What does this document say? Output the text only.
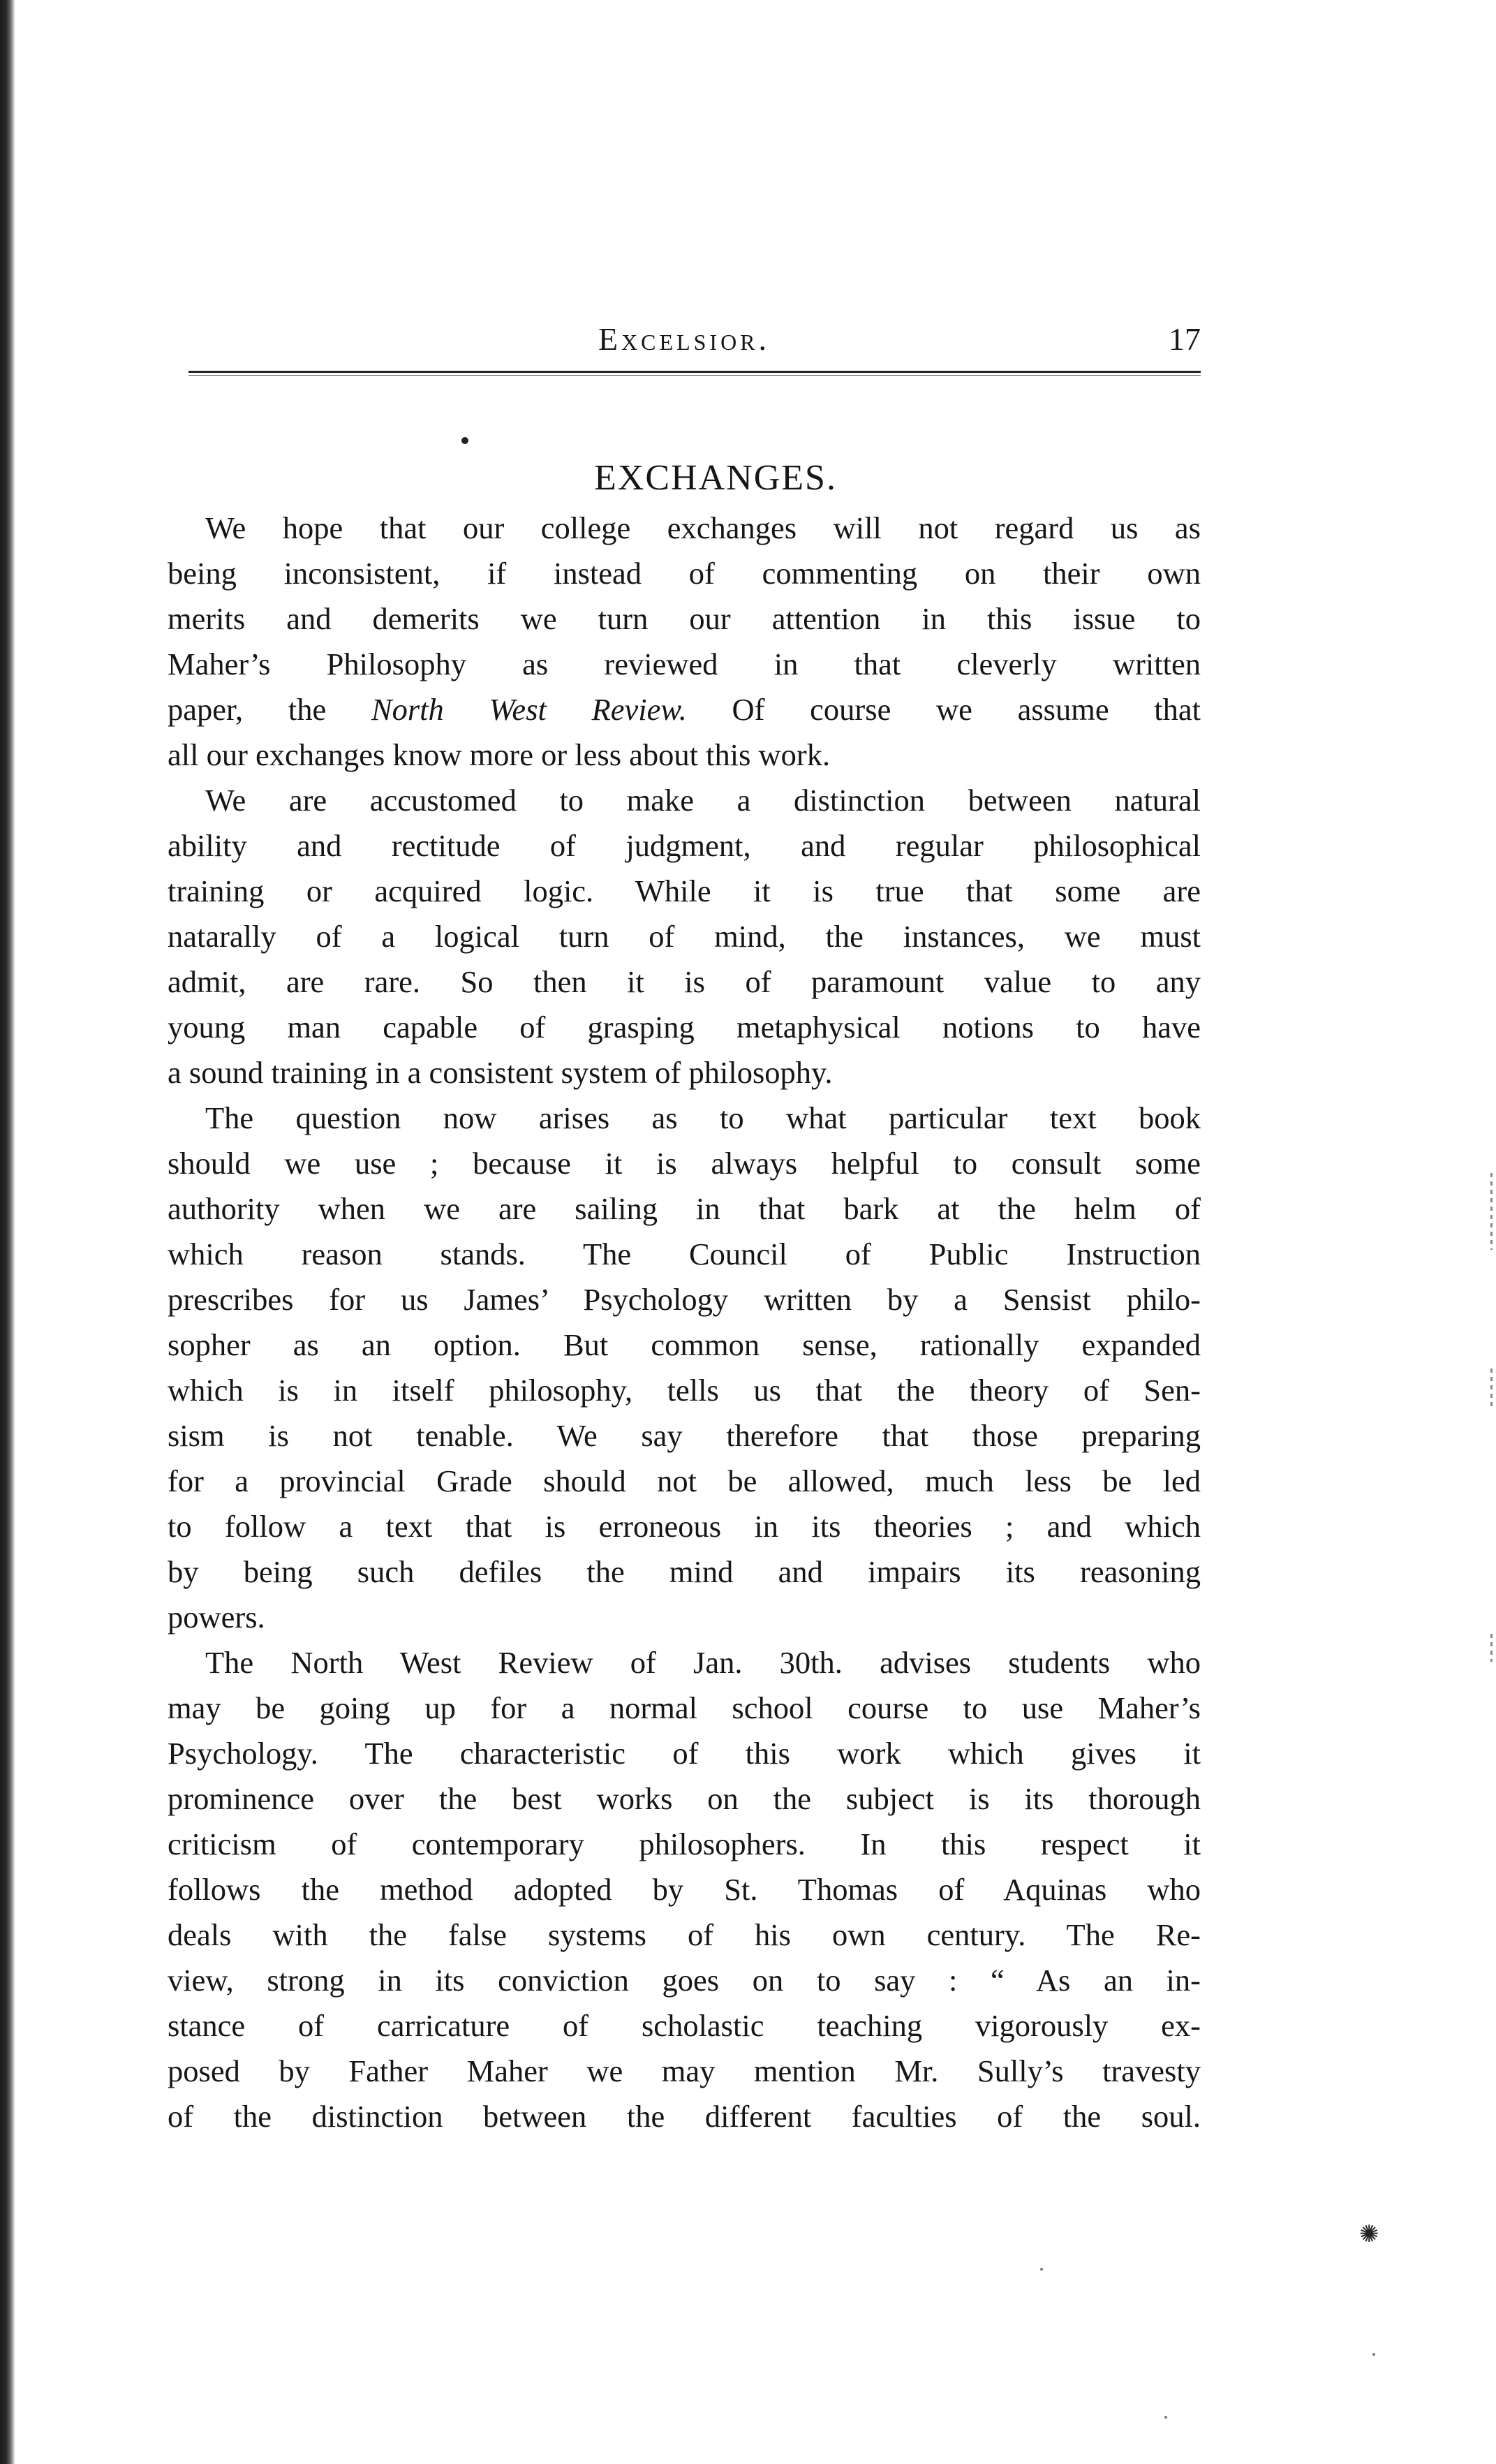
Excelsior.	17
EXCHANGES.
We hope that our college exchanges will not regard us as
being inconsistent, if instead of commenting on their own
merits and demerits we turn our attention in this issue to
Maher’s Philosophy as reviewed in that cleverly written
paper, the North West Review. Of course we assume that
all our exchanges know more or less about this work.
We are accustomed to make a distinction between natural
ability and rectitude of judgment, and regular philosophical
training or acquired logic. While it is true that some are
natarally of a logical turn of mind, the instances, we must
admit, are rare. So then it is of paramount value to any
young man capable of grasping metaphysical notions to have
a sound training in a consistent system of philosophy.
The question now arises as to what particular text book
should we use ; because it is always helpful to consult some
authority when we are sailing in that bark at the helm of
which reason stands. The Council of Public Instruction
prescribes for us James’ Psychology written by a Sensist philo-
sopher as an option. But common sense, rationally expanded
which is in itself philosophy, tells us that the theory of Sen-
sism is not tenable. We say therefore that those preparing
for a provincial Grade should not be allowed, much less be led
to follow a text that is erroneous in its theories ; and which
by being such defiles the mind and impairs its reasoning
powers.
The North West Review of Jan. 30th. advises students who
may be going up for a normal school course to use Maher’s
Psychology. The characteristic of this work which gives it
prominence over the best works on the subject is its thorough
criticism of contemporary philosophers. In this respect it
follows the method adopted by St. Thomas of Aquinas who
deals with the false systems of his own century. The Re-
view, strong in its conviction goes on to say : “ As an in-
stance of carricature of scholastic teaching vigorously ex-
posed by Father Maher we may mention Mr. Sully’s travesty
of the distinction between the different faculties of the soul.
✺
